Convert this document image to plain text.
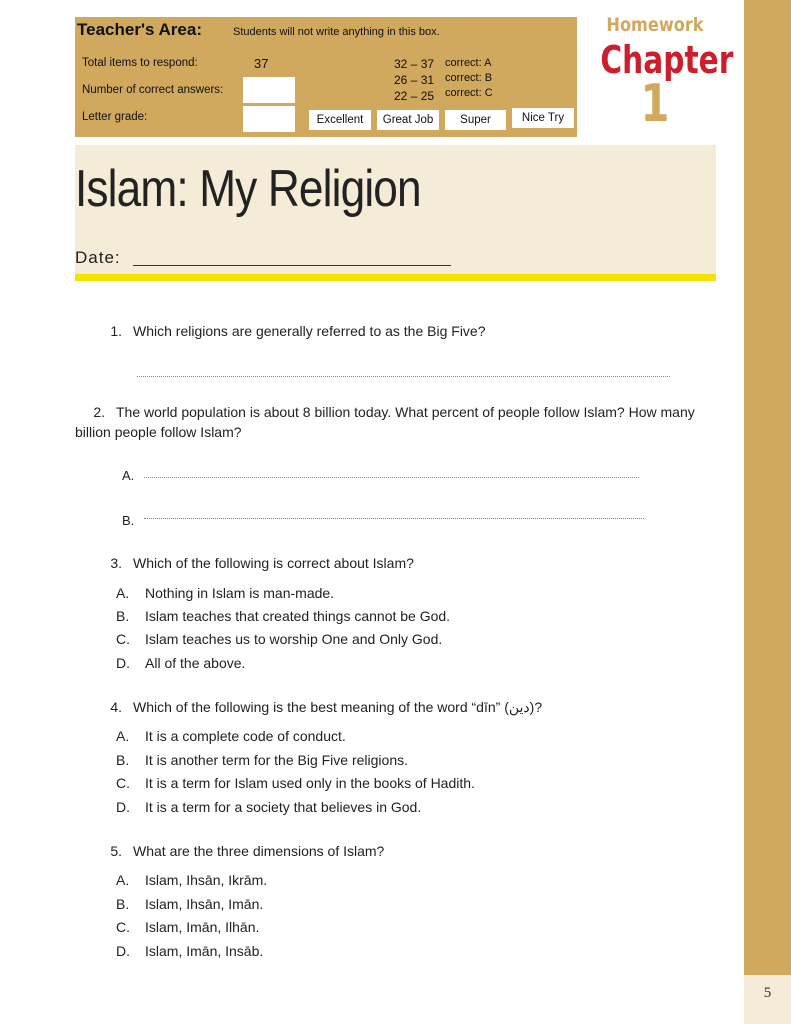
5
Teacher's Area:	Students will not write anything in this box.
Total items to respond:	37
Number of correct answers:
Letter grade:
32 – 37 correct: A
26 – 31 correct: B
22 – 25 correct: C
Excellent	Great Job	Super	Nice Try
Homework
Chapter
1
Islam: My Religion
Date:
1. Which religions are generally referred to as the Big Five?
2. The world population is about 8 billion today. What percent of people follow Islam? How many billion people follow Islam?
A.
B.
3. Which of the following is correct about Islam?
A. Nothing in Islam is man-made.
B. Islam teaches that created things cannot be God.
C. Islam teaches us to worship One and Only God.
D. All of the above.
4. Which of the following is the best meaning of the word “dīn” (دين)?
A. It is a complete code of conduct.
B. It is another term for the Big Five religions.
C. It is a term for Islam used only in the books of Hadith.
D. It is a term for a society that believes in God.
5. What are the three dimensions of Islam?
A. Islam, Ihsān, Ikrām.
B. Islam, Ihsān, Imān.
C. Islam, Imān, Ilhān.
D. Islam, Imān, Insāb.
